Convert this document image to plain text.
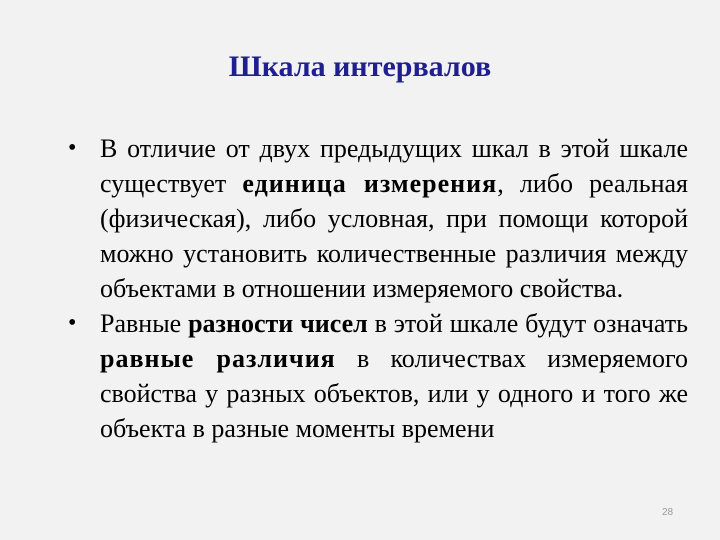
Шкала интервалов
• В отличие от двух предыдущих шкал в этой шкале существует единица измерения, либо реальная (физическая), либо условная, при помощи которой можно установить количественные различия между объектами в отношении измеряемого свойства.
• Равные разности чисел в этой шкале будут означать равные различия в количествах измеряемого свойства у разных объектов, или у одного и того же объекта в разные моменты времени
28
